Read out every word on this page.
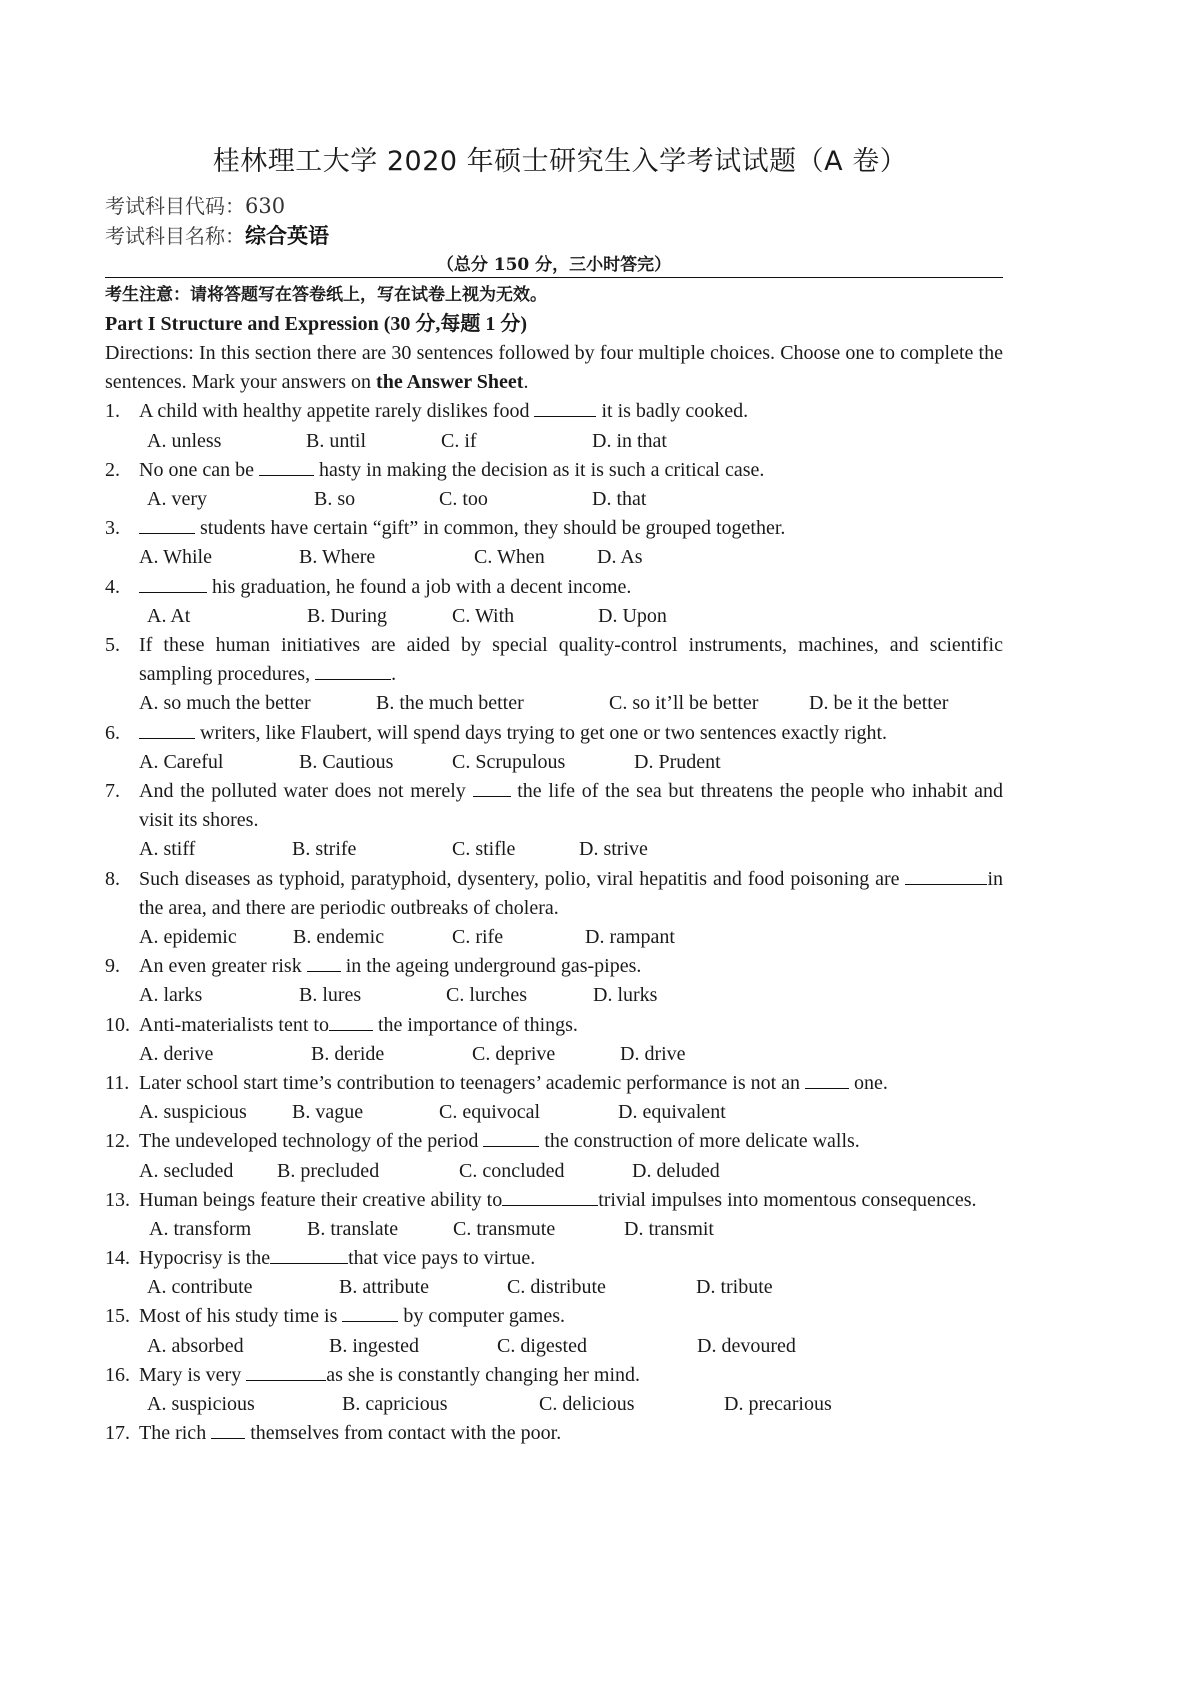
桂林理工大学 2020 年硕士研究生入学考试试题（A 卷）
考试科目代码：630
考试科目名称：综合英语
（总分 150 分，三小时答完）
考生注意：请将答题写在答卷纸上，写在试卷上视为无效。
Part I Structure and Expression (30 分,每题 1 分)
Directions: In this section there are 30 sentences followed by four multiple choices. Choose one to complete the sentences. Mark your answers on the Answer Sheet.
1. A child with healthy appetite rarely dislikes food	it is badly cooked.
A. unless	B. until	C. if	D. in that
2. No one can be	hasty in making the decision as it is such a critical case.
A. very	B. so	C. too	D. that
3.	students have certain “gift” in common, they should be grouped together.
A. While	B. Where	C. When	D. As
4.	his graduation, he found a job with a decent income.
A. At	B. During	C. With	D. Upon
5. If these human initiatives are aided by special quality-control instruments, machines, and scientific sampling procedures,	.
A. so much the better	B. the much better	C. so it’ll be better	D. be it the better
6.	writers, like Flaubert, will spend days trying to get one or two sentences exactly right.
A. Careful	B. Cautious	C. Scrupulous	D. Prudent
7. And the polluted water does not merely  the life of the sea but threatens the people who inhabit and visit its shores.
A. stiff	B. strife	C. stifle	D. strive
8. Such diseases as typhoid, paratyphoid, dysentery, polio, viral hepatitis and food poisoning are	in the area, and there are periodic outbreaks of cholera.
A. epidemic	B. endemic	C. rife	D. rampant
9. An even greater risk  in the ageing underground gas-pipes.
A. larks	B. lures	C. lurches	D. lurks
10. Anti-materialists tent to the importance of things.
A. derive	B. deride	C. deprive	D. drive
11. Later school start time’s contribution to teenagers’ academic performance is not an  one.
A. suspicious B. vague	C. equivocal	D. equivalent
12. The undeveloped technology of the period	the construction of more delicate walls.
A. secluded B. precluded	C. concluded	D. deluded
13. Human beings feature their creative ability to	trivial impulses into momentous consequences.
A. transform	B. translate	C. transmute	D. transmit
14. Hypocrisy is the	that vice pays to virtue.
A. contribute	B. attribute	C. distribute	D. tribute
15. Most of his study time is	by computer games.
A. absorbed	B. ingested	C. digested	D. devoured
16. Mary is very	as she is constantly changing her mind.
A. suspicious	B. capricious	C. delicious	D. precarious
17. The rich  themselves from contact with the poor.
